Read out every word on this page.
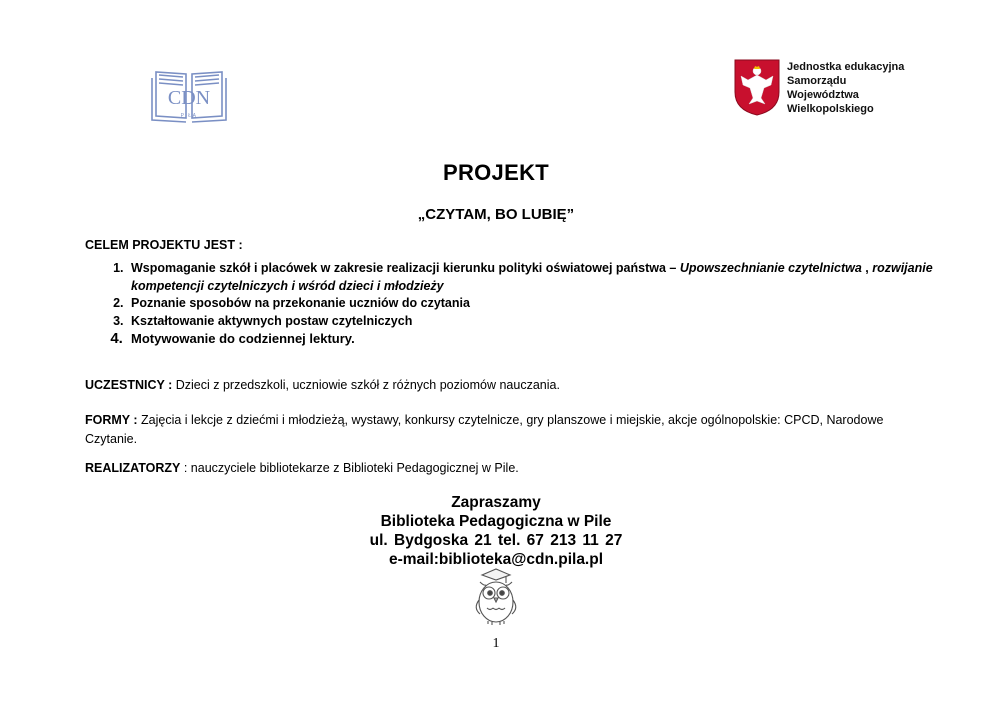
CDN
PIŁA
Jednostka edukacyjna
Samorządu
Województwa
Wielkopolskiego
PROJEKT
„CZYTAM, BO LUBIĘ”
CELEM PROJEKTU JEST :
1. Wspomaganie szkół i placówek w zakresie realizacji kierunku polityki oświatowej państwa – Upowszechnianie czytelnictwa , rozwijanie kompetencji czytelniczych i wśród dzieci i młodzieży
2. Poznanie sposobów na przekonanie uczniów do czytania
3. Kształtowanie aktywnych postaw czytelniczych
4. Motywowanie do codziennej lektury.
UCZESTNICY : Dzieci z przedszkoli, uczniowie szkół z różnych poziomów nauczania.
FORMY : Zajęcia i lekcje z dziećmi i młodzieżą, wystawy, konkursy czytelnicze, gry planszowe i miejskie, akcje ogólnopolskie: CPCD, Narodowe Czytanie.
REALIZATORZY : nauczyciele bibliotekarze z Biblioteki Pedagogicznej w Pile.
Zapraszamy
Biblioteka Pedagogiczna w Pile
ul. Bydgoska 21 tel. 67 213 11 27
e-mail:biblioteka@cdn.pila.pl
1
